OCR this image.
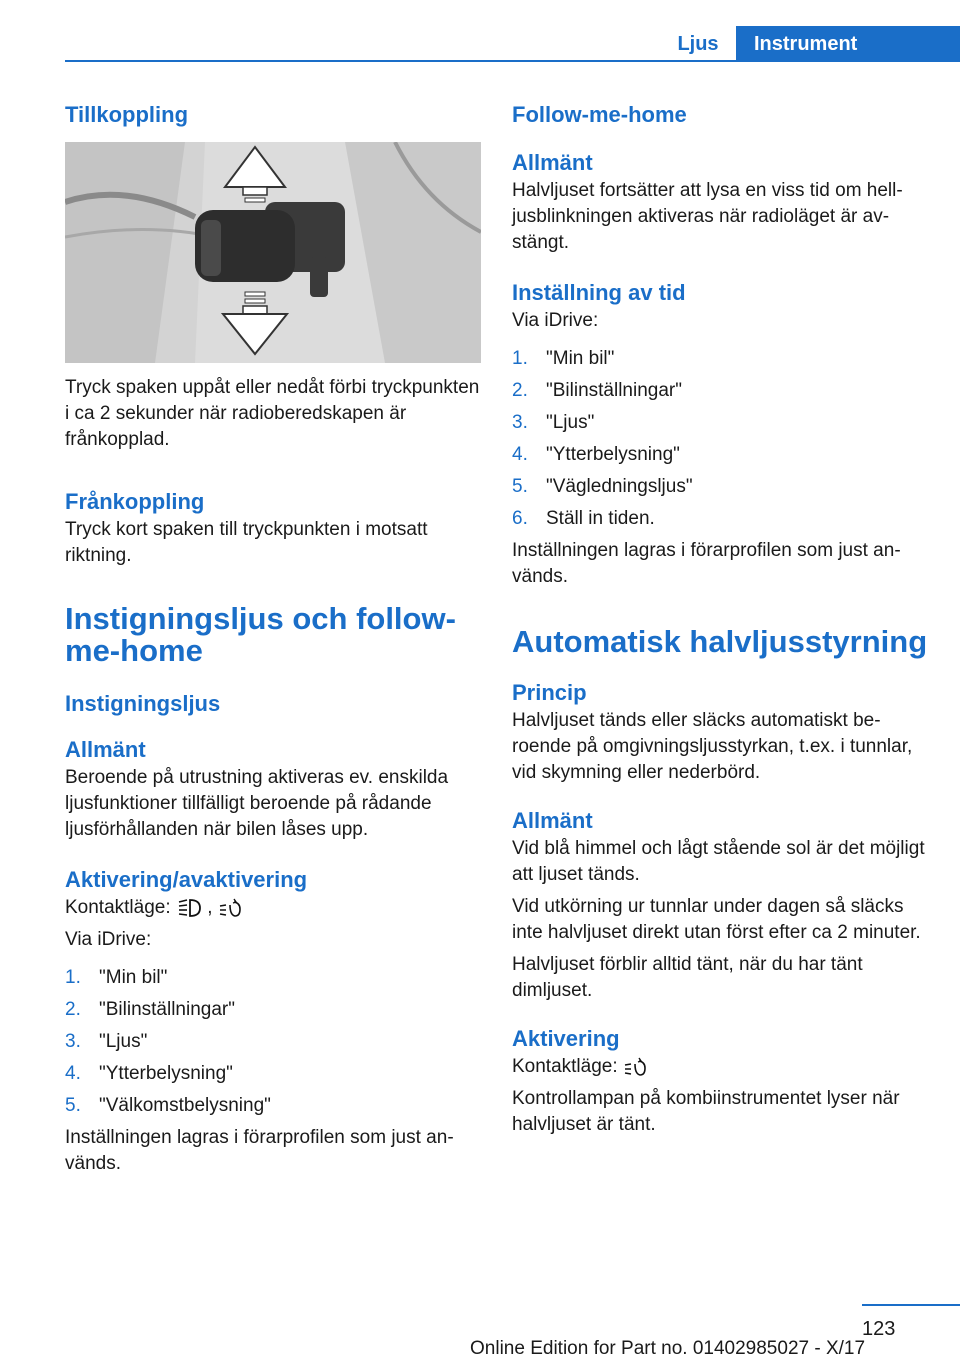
Ljus	Instrument
Tillkoppling

Tryck spaken uppåt eller nedåt förbi tryckpunkten i ca 2 sekunder när radioberedskapen är frånkopplad.

Frånkoppling

Tryck kort spaken till tryckpunkten i motsatt riktning.

Instigningsljus och follow-me-home
Instigningsljus
Allmänt

Beroende på utrustning aktiveras ev. enskilda ljusfunktioner tillfälligt beroende på rådande ljusförhållanden när bilen låses upp.

Aktivering/avaktivering

Kontaktläge: ,

Via iDrive:

1. "Min bil"
2. "Bilinställningar"
3. "Ljus"
4. "Ytterbelysning"
5. "Välkomstbelysning"

Inställningen lagras i förarprofilen som just används.

Follow-me-home
Allmänt

Halvljuset fortsätter att lysa en viss tid om helljusblinkningen aktiveras när radioläget är avstängt.

Inställning av tid

Via iDrive:

1. "Min bil"
2. "Bilinställningar"
3. "Ljus"
4. "Ytterbelysning"
5. "Vägledningsljus"
6. Ställ in tiden.

Inställningen lagras i förarprofilen som just används.

Automatisk halvljusstyrning
Princip

Halvljuset tänds eller släcks automatiskt beroende på omgivningsljusstyrkan, t.ex. i tunnlar, vid skymning eller nederbörd.

Allmänt

Vid blå himmel och lågt stående sol är det möjligt att ljuset tänds.

Vid utkörning ur tunnlar under dagen så släcks inte halvljuset direkt utan först efter ca 2 minuter.

Halvljuset förblir alltid tänt, när du har tänt dimljuset.

Aktivering

Kontaktläge:

Kontrollampan på kombiinstrumentet lyser när halvljuset är tänt.

123
Online Edition for Part no. 01402985027 - X/17
